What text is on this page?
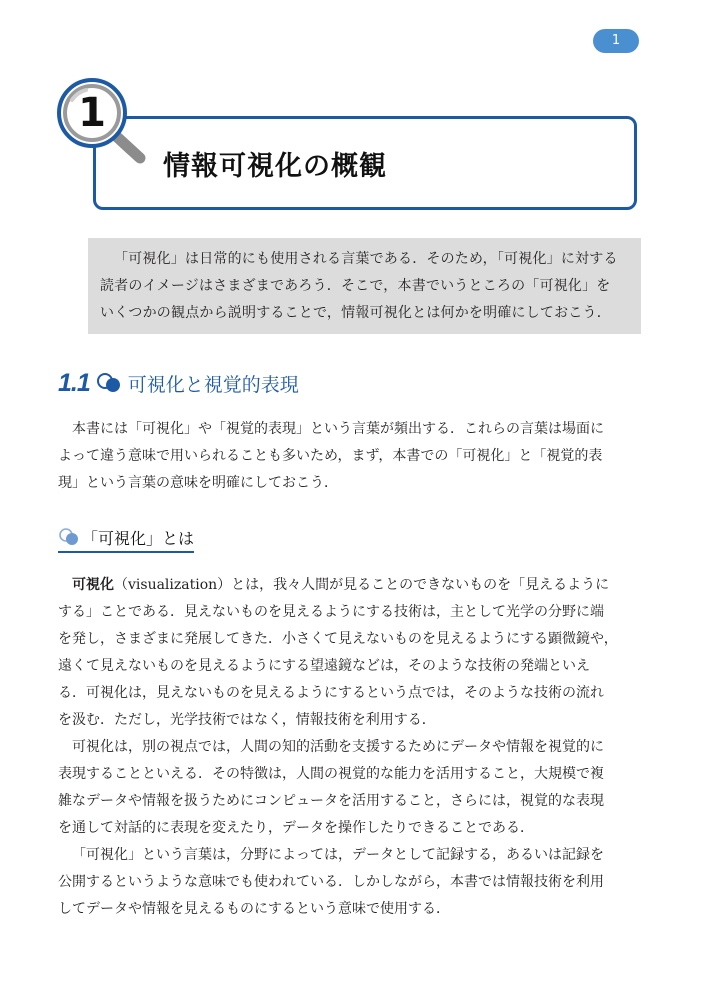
1
1
情報可視化の概観

「可視化」は日常的にも使用される言葉である．そのため，「可視化」に対する

読者のイメージはさまざまであろう．そこで，本書でいうところの「可視化」を

いくつかの観点から説明することで，情報可視化とは何かを明確にしておこう．

1.1 可視化と視覚的表現

本書には「可視化」や「視覚的表現」という言葉が頻出する．これらの言葉は場面に

よって違う意味で用いられることも多いため，まず，本書での「可視化」と「視覚的表

現」という言葉の意味を明確にしておこう．

「可視化」とは

可視化（visualization）とは，我々人間が見ることのできないものを「見えるように

する」ことである．見えないものを見えるようにする技術は，主として光学の分野に端

を発し，さまざまに発展してきた．小さくて見えないものを見えるようにする顕微鏡や，

遠くて見えないものを見えるようにする望遠鏡などは，そのような技術の発端といえ

る．可視化は，見えないものを見えるようにするという点では，そのような技術の流れ

を汲む．ただし，光学技術ではなく，情報技術を利用する．

可視化は，別の視点では，人間の知的活動を支援するためにデータや情報を視覚的に

表現することといえる．その特徴は，人間の視覚的な能力を活用すること，大規模で複

雑なデータや情報を扱うためにコンピュータを活用すること，さらには，視覚的な表現

を通して対話的に表現を変えたり，データを操作したりできることである．

「可視化」という言葉は，分野によっては，データとして記録する，あるいは記録を

公開するというような意味でも使われている．しかしながら，本書では情報技術を利用

してデータや情報を見えるものにするという意味で使用する．
